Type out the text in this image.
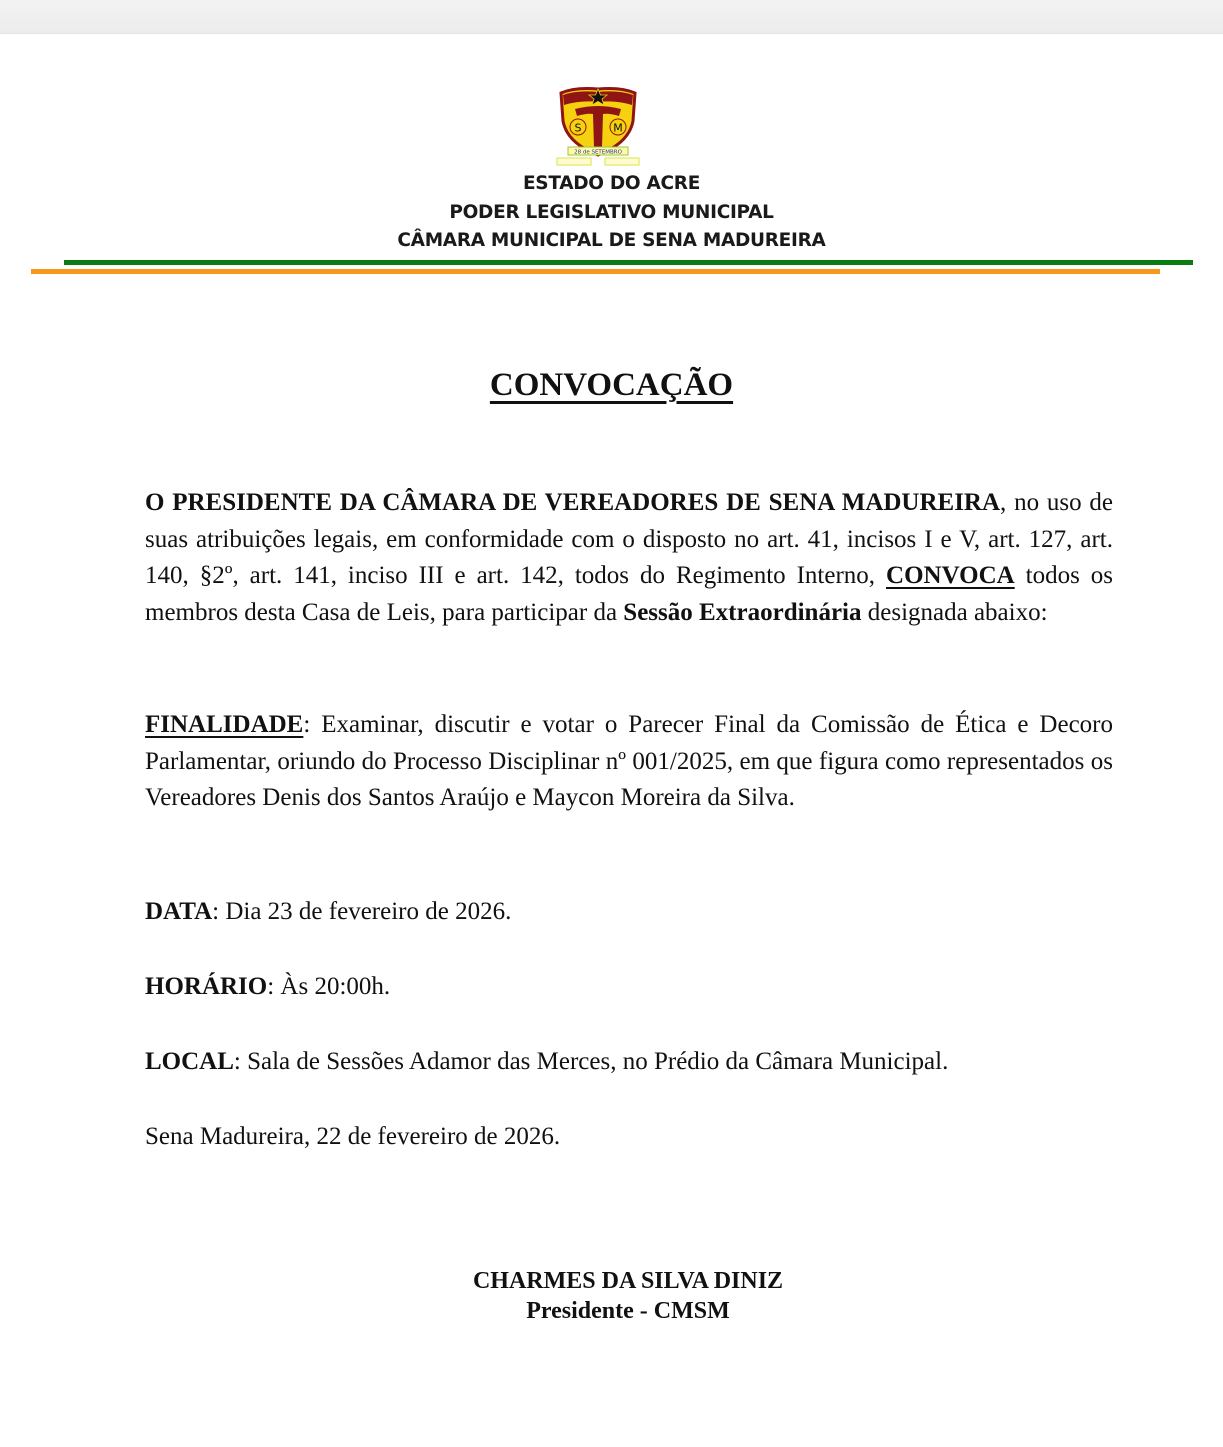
S	M
28 de SETEMBRO
ESTADO DO ACRE
PODER LEGISLATIVO MUNICIPAL
CÂMARA MUNICIPAL DE SENA MADUREIRA
CONVOCAÇÃO
O PRESIDENTE DA CÂMARA DE VEREADORES DE SENA MADUREIRA, no uso de suas atribuições legais, em conformidade com o disposto no art. 41, incisos I e V, art. 127, art. 140, §2º, art. 141, inciso III e art. 142, todos do Regimento Interno, CONVOCA todos os membros desta Casa de Leis, para participar da Sessão Extraordinária designada abaixo:
FINALIDADE: Examinar, discutir e votar o Parecer Final da Comissão de Ética e Decoro Parlamentar, oriundo do Processo Disciplinar nº 001/2025, em que figura como representados os Vereadores Denis dos Santos Araújo e Maycon Moreira da Silva.
DATA: Dia 23 de fevereiro de 2026.
HORÁRIO: Às 20:00h.
LOCAL: Sala de Sessões Adamor das Merces, no Prédio da Câmara Municipal.
Sena Madureira, 22 de fevereiro de 2026.
CHARMES DA SILVA DINIZ
Presidente - CMSM
